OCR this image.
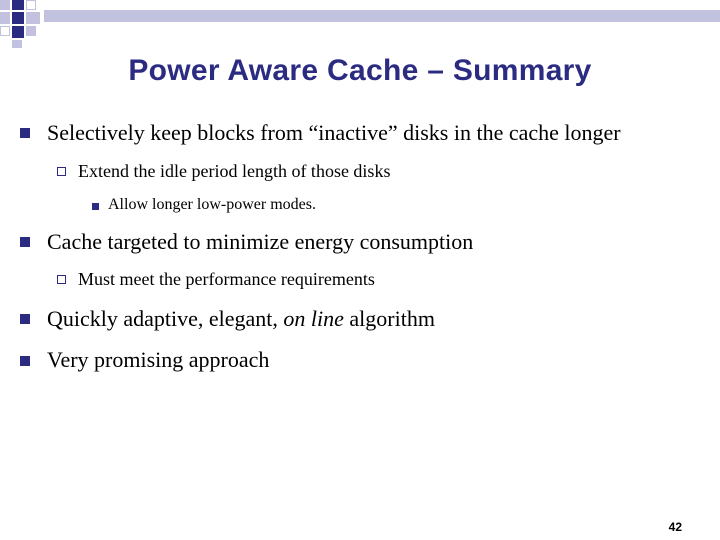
Power Aware Cache – Summary
Selectively keep blocks from “inactive” disks in the cache longer
Extend the idle period length of those disks
Allow longer low-power modes.
Cache targeted to minimize energy consumption
Must meet the performance requirements
Quickly adaptive, elegant, on line algorithm
Very promising approach
42
